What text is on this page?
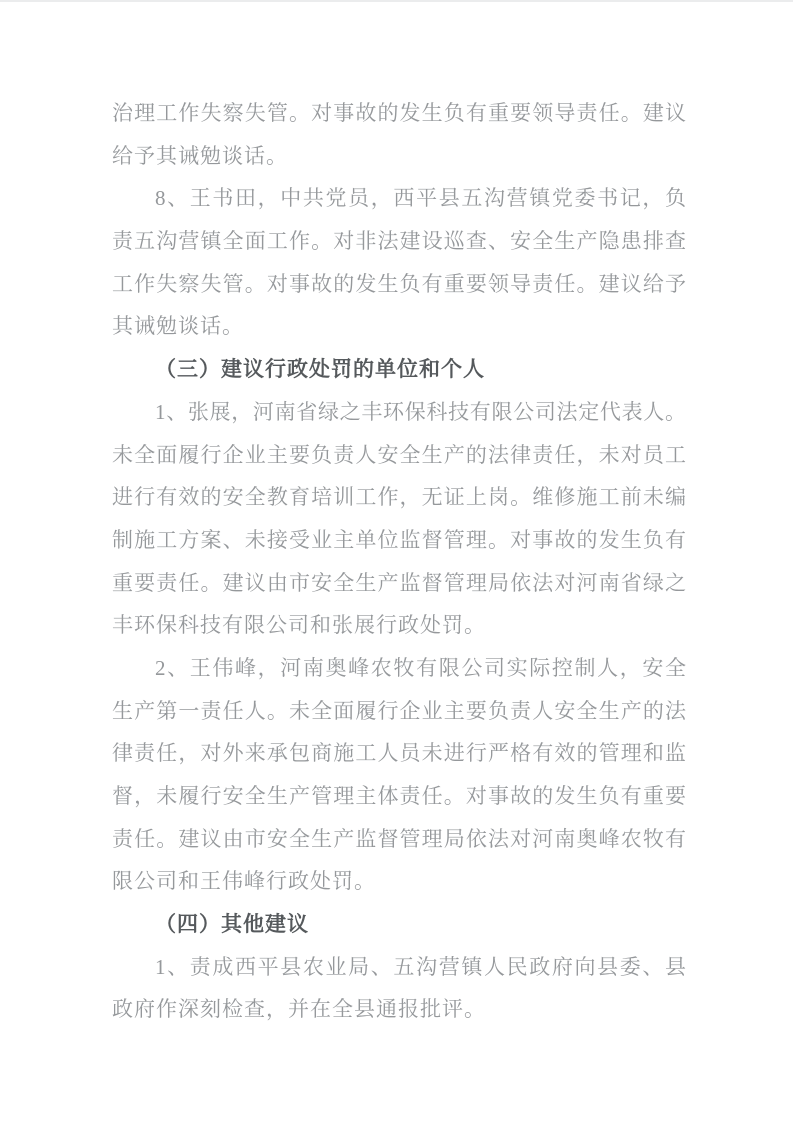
治理工作失察失管。对事故的发生负有重要领导责任。建议
给予其诫勉谈话。
8、王书田，中共党员，西平县五沟营镇党委书记，负
责五沟营镇全面工作。对非法建设巡查、安全生产隐患排查
工作失察失管。对事故的发生负有重要领导责任。建议给予
其诫勉谈话。
（三）建议行政处罚的单位和个人
1、张展，河南省绿之丰环保科技有限公司法定代表人。
未全面履行企业主要负责人安全生产的法律责任，未对员工
进行有效的安全教育培训工作，无证上岗。维修施工前未编
制施工方案、未接受业主单位监督管理。对事故的发生负有
重要责任。建议由市安全生产监督管理局依法对河南省绿之
丰环保科技有限公司和张展行政处罚。
2、王伟峰，河南奥峰农牧有限公司实际控制人，安全
生产第一责任人。未全面履行企业主要负责人安全生产的法
律责任，对外来承包商施工人员未进行严格有效的管理和监
督，未履行安全生产管理主体责任。对事故的发生负有重要
责任。建议由市安全生产监督管理局依法对河南奥峰农牧有
限公司和王伟峰行政处罚。
（四）其他建议
1、责成西平县农业局、五沟营镇人民政府向县委、县
政府作深刻检查，并在全县通报批评。
